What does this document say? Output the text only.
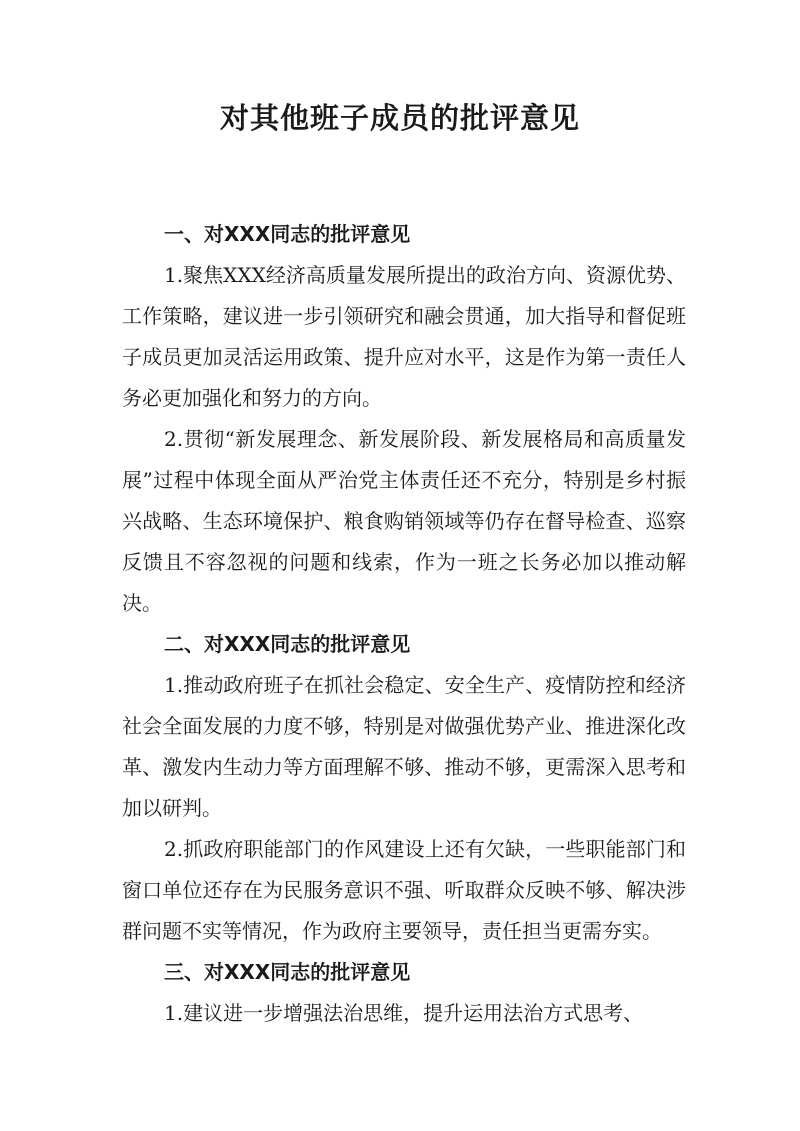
对其他班子成员的批评意见
一、对XXX同志的批评意见

1.聚焦XXX经济高质量发展所提出的政治方向、资源优势、工作策略，建议进一步引领研究和融会贯通，加大指导和督促班子成员更加灵活运用政策、提升应对水平，这是作为第一责任人务必更加强化和努力的方向。

2.贯彻“新发展理念、新发展阶段、新发展格局和高质量发展”过程中体现全面从严治党主体责任还不充分，特别是乡村振兴战略、生态环境保护、粮食购销领域等仍存在督导检查、巡察反馈且不容忽视的问题和线索，作为一班之长务必加以推动解决。

二、对XXX同志的批评意见

1.推动政府班子在抓社会稳定、安全生产、疫情防控和经济社会全面发展的力度不够，特别是对做强优势产业、推进深化改革、激发内生动力等方面理解不够、推动不够，更需深入思考和加以研判。

2.抓政府职能部门的作风建设上还有欠缺，一些职能部门和窗口单位还存在为民服务意识不强、听取群众反映不够、解决涉群问题不实等情况，作为政府主要领导，责任担当更需夯实。

三、对XXX同志的批评意见

1.建议进一步增强法治思维，提升运用法治方式思考、
